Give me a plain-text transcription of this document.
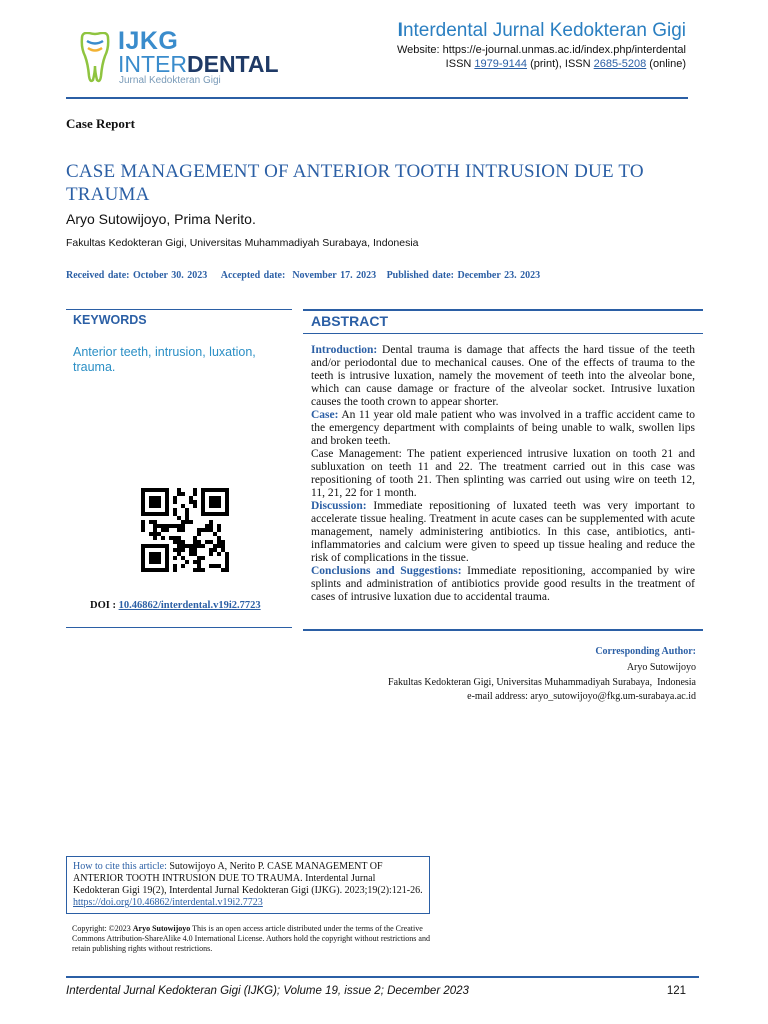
IJKG
INTERDENTAL
Jurnal Kedokteran Gigi
Interdental Jurnal Kedokteran Gigi
Website: https://e-journal.unmas.ac.id/index.php/interdental
ISSN 1979-9144 (print), ISSN 2685-5208 (online)
Case Report
CASE MANAGEMENT OF ANTERIOR TOOTH INTRUSION DUE TO TRAUMA
Aryo Sutowijoyo, Prima Nerito.
Fakultas Kedokteran Gigi, Universitas Muhammadiyah Surabaya, Indonesia
Received date: October 30. 2023    Accepted date:  November 17. 2023   Published date: December 23. 2023
KEYWORDS
Anterior teeth, intrusion, luxation, trauma.
DOI : 10.46862/interdental.v19i2.7723
ABSTRACT

Introduction: Dental trauma is damage that affects the hard tissue of the teeth and/or periodontal due to mechanical causes. One of the effects of trauma to the teeth is intrusive luxation, namely the movement of teeth into the alveolar bone, which can cause damage or fracture of the alveolar socket. Intrusive luxation causes the tooth crown to appear shorter.

Case: An 11 year old male patient who was involved in a traffic accident came to the emergency department with complaints of being unable to walk, swollen lips and broken teeth.

Case Management: The patient experienced intrusive luxation on tooth 21 and subluxation on teeth 11 and 22. The treatment carried out in this case was repositioning of tooth 21. Then splinting was carried out using wire on teeth 12, 11, 21, 22 for 1 month.

Discussion: Immediate repositioning of luxated teeth was very important to accelerate tissue healing. Treatment in acute cases can be supplemented with acute management, namely administering antibiotics. In this case, antibiotics, anti-inflammatories and calcium were given to speed up tissue healing and reduce the risk of complications in the tissue.

Conclusions and Suggestions: Immediate repositioning, accompanied by wire splints and administration of antibiotics provide good results in the treatment of cases of intrusive luxation due to accidental trauma.

Corresponding Author:
Aryo Sutowijoyo
Fakultas Kedokteran Gigi, Universitas Muhammadiyah Surabaya,  Indonesia
e-mail address: aryo_sutowijoyo@fkg.um-surabaya.ac.id
How to cite this article: Sutowijoyo A, Nerito P. CASE MANAGEMENT OF ANTERIOR TOOTH INTRUSION DUE TO TRAUMA. Interdental Jurnal Kedokteran Gigi 19(2), Interdental Jurnal Kedokteran Gigi (IJKG). 2023;19(2):121-26. https://doi.org/10.46862/interdental.v19i2.7723
Copyright: ©2023 Aryo Sutowijoyo This is an open access article distributed under the terms of the Creative Commons Attribution-ShareAlike 4.0 International License. Authors hold the copyright without restrictions and retain publishing rights without restrictions.
Interdental Jurnal Kedokteran Gigi (IJKG); Volume 19, issue 2; December 2023	121
